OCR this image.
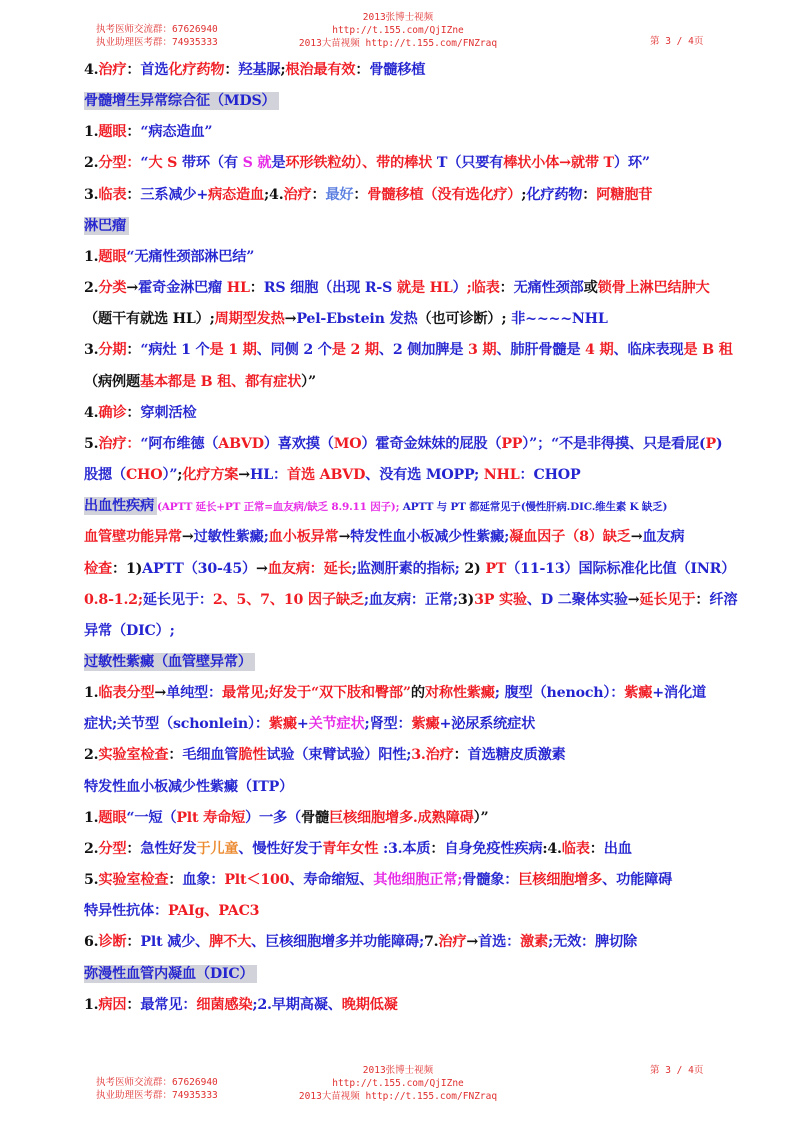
执考医师交流群：67626940
执业助理医考群：74935333
2013张博士视频http://t.155.com/QjIZne
2013大苗视频 http://t.155.com/FNZraq	第 3 / 4页
4.治疗：首选化疗药物：羟基脲;根治最有效：骨髓移植
骨髓增生异常综合征（MDS）
1.题眼：“病态造血”
2.分型：“大 S 带环（有 S 就是环形铁粒幼）、带的棒状 T（只要有棒状小体→就带 T）环”
3.临表：三系减少+病态造血;4.治疗：最好：骨髓移植（没有选化疗）;化疗药物：阿糖胞苷
淋巴瘤
1.题眼“无痛性颈部淋巴结”
2.分类→霍奇金淋巴瘤 HL：RS 细胞（出现 R-S 就是 HL）;临表：无痛性颈部或锁骨上淋巴结肿大
（题干有就选 HL）;周期型发热→Pel-Ebstein 发热（也可诊断）; 非~~~~NHL
3.分期：“病灶 1 个是 1 期、同侧 2 个是 2 期、2 侧加脾是 3 期、肺肝骨髓是 4 期、临床表现是 B 租
（病例题基本都是 B 租、都有症状）”
4.确诊：穿刺活检
5.治疗：“阿布维德（ABVD）喜欢摸（MO）霍奇金妹妹的屁股（PP）”；“不是非得摸、只是看屁(P)
股摁（CHO）”;化疗方案→HL：首选 ABVD、没有选 MOPP; NHL：CHOP
出血性疾病 (APTT 延长+PT 正常=血友病/缺乏 8.9.11 因子); APTT 与 PT 都延常见于(慢性肝病.DIC.维生素 K 缺乏)
血管壁功能异常→过敏性紫癜;血小板异常→特发性血小板减少性紫癜;凝血因子（8）缺乏→血友病
检查：1)APTT（30-45）→血友病：延长;监测肝素的指标; 2) PT（11-13）国际标准化比值（INR）
0.8-1.2;延长见于：2、5、7、10 因子缺乏;血友病：正常;3)3P 实验、D 二聚体实验→延长见于：纤溶
异常（DIC）;
过敏性紫癜（血管壁异常）
1.临表分型→单纯型：最常见;好发于“双下肢和臀部”的对称性紫癜; 腹型（henoch）：紫癜+消化道
症状;关节型（schonlein）：紫癜+关节症状;肾型：紫癜+泌尿系统症状
2.实验室检查：毛细血管脆性试验（束臂试验）阳性;3.治疗：首选糖皮质激素
特发性血小板减少性紫癜（ITP）
1.题眼“一短（Plt 寿命短）一多（骨髓巨核细胞增多.成熟障碍）”
2.分型：急性好发于儿童、慢性好发于青年女性 :3.本质：自身免疫性疾病:4.临表：出血
5.实验室检查：血象：Plt＜100、寿命缩短、其他细胞正常;骨髓象：巨核细胞增多、功能障碍
特异性抗体：PAIg、PAC3
6.诊断：Plt 减少、脾不大、巨核细胞增多并功能障碍;7.治疗→首选：激素;无效：脾切除
弥漫性血管内凝血（DIC）
1.病因：最常见：细菌感染;2.早期高凝、晚期低凝
执考医师交流群：67626940
执业助理医考群：74935333
2013张博士视频http://t.155.com/QjIZne
2013大苗视频 http://t.155.com/FNZraq
第 3 / 4页
